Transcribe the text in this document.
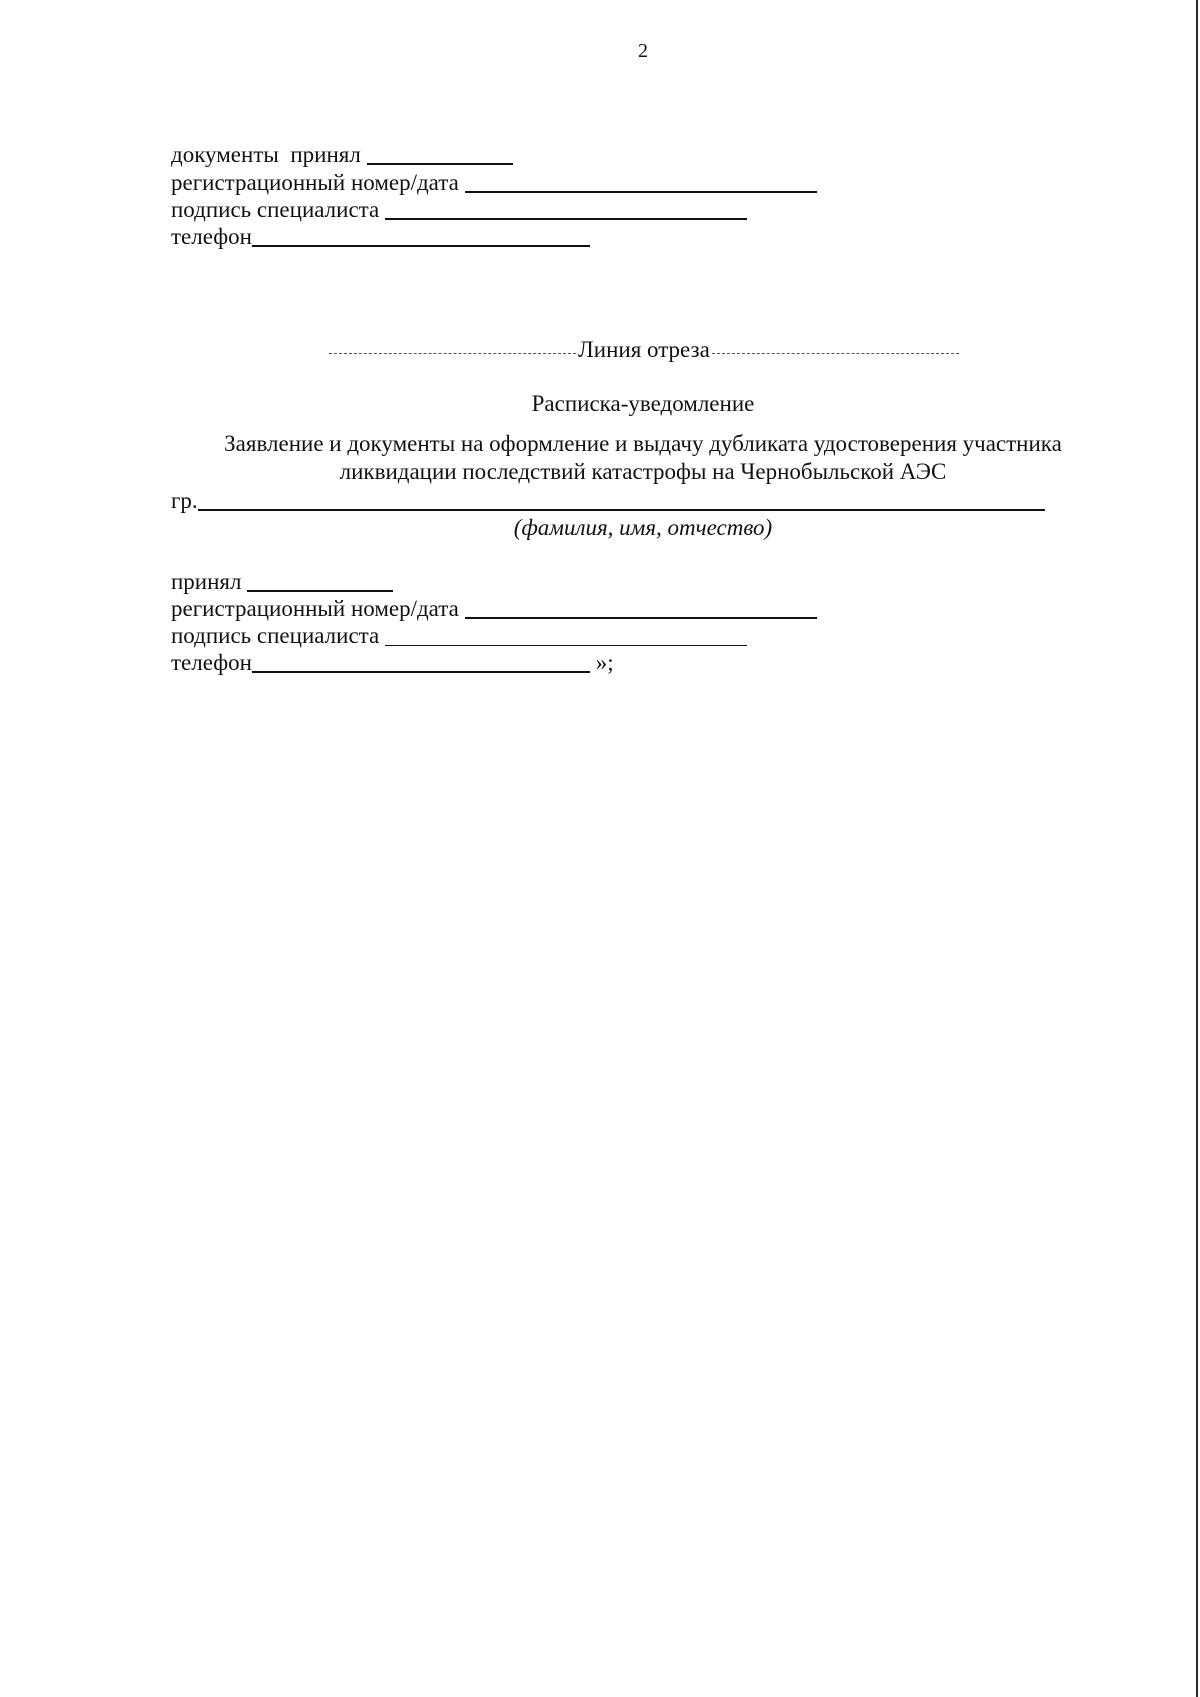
2
документы  принял
регистрационный номер/дата
подпись специалиста
телефон
Линия отреза
Расписка-уведомление
Заявление и документы на оформление и выдачу дубликата удостоверения участника
ликвидации последствий катастрофы на Чернобыльской АЭС
гр.
(фамилия, имя, отчество)
принял
регистрационный номер/дата
подпись специалиста
телефон	»;
